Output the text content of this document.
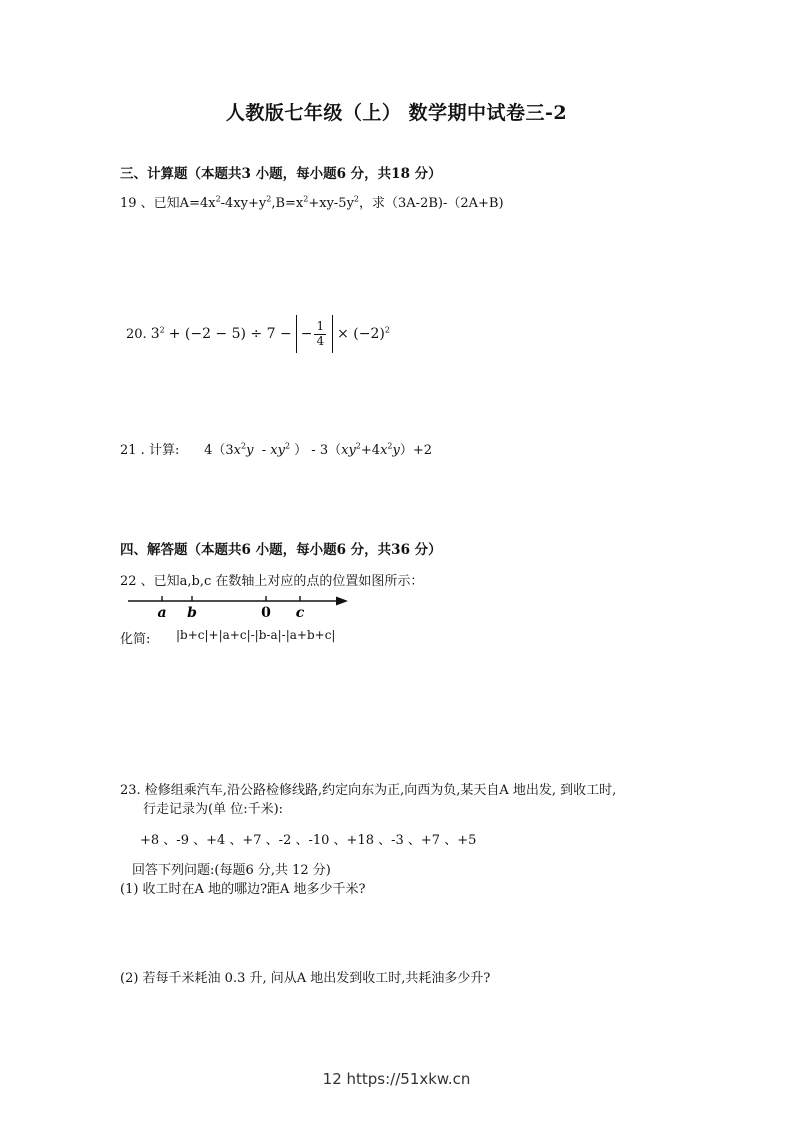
人教版七年级（上） 数学期中试卷三-2
三、计算题（本题共3 小题，每小题6 分，共18 分）
19 、已知$A=4x^2-4xy+y^2,B=x^2+xy-5y^2$，求（3A-2B)-（2A+B)
20. $3^2 + (-2 - 5) \div 7$ − − $\frac{1}{4} \times (-2)^2$
21 . 计算: $4(3x^2y - xy^2$ ） - $3(xy^2+4x^2y)+2$
四、解答题（本题共6 小题，每小题6 分，共36 分）
22 、已知a,b,c 在数轴上对应的点的位置如图所示：
a b	0 c
化简: |b+c|+|a+c|-|b-a|-|a+b+c|
23. 检修组乘汽车,沿公路检修线路,约定向东为正,向西为负,某天自A 地出发, 到收工时,
行走记录为(单 位:千米):
+8 、-9 、+4 、+7 、-2 、-10 、+18 、-3 、+7 、+5
回答下列问题:(每题6 分,共 12 分)
(1) 收工时在A 地的哪边?距A 地多少千米?
(2) 若每千米耗油 0.3 升, 问从A 地出发到收工时,共耗油多少升?
12 https://51xkw.cn
